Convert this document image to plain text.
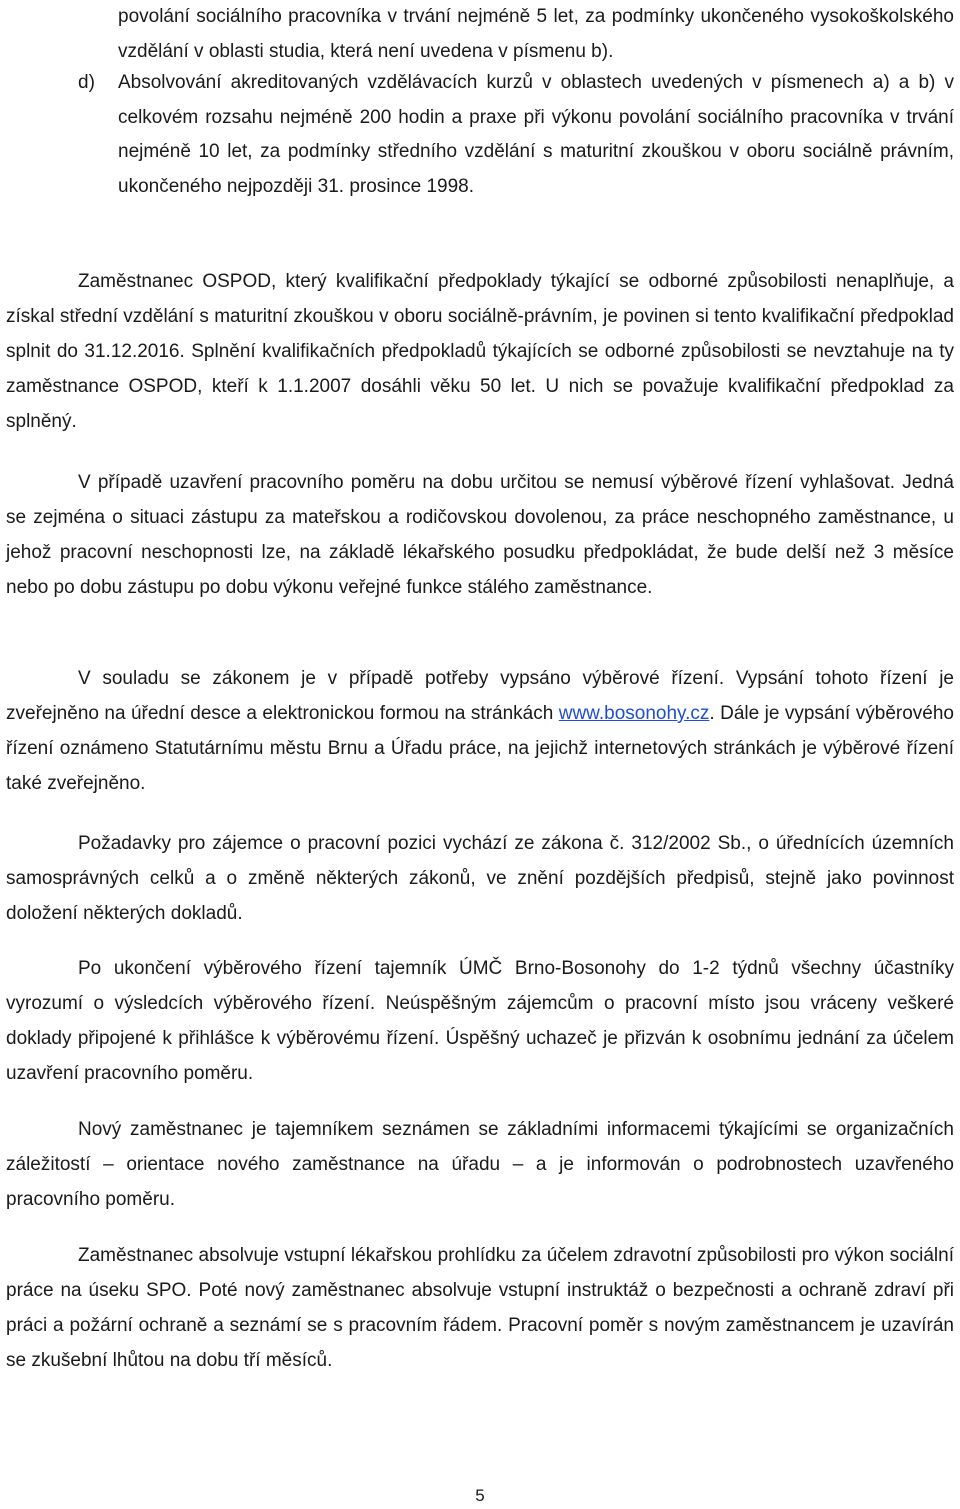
povolání sociálního pracovníka v trvání nejméně 5 let, za podmínky ukončeného vysokoškolského vzdělání v oblasti studia, která není uvedena v písmenu b).
d) Absolvování akreditovaných vzdělávacích kurzů v oblastech uvedených v písmenech a) a b) v celkovém rozsahu nejméně 200 hodin a praxe při výkonu povolání sociálního pracovníka v trvání nejméně 10 let, za podmínky středního vzdělání s maturitní zkouškou v oboru sociálně právním, ukončeného nejpozději 31. prosince 1998.

Zaměstnanec OSPOD, který kvalifikační předpoklady týkající se odborné způsobilosti nenaplňuje, a získal střední vzdělání s maturitní zkouškou v oboru sociálně-právním, je povinen si tento kvalifikační předpoklad splnit do 31.12.2016. Splnění kvalifikačních předpokladů týkajících se odborné způsobilosti se nevztahuje na ty zaměstnance OSPOD, kteří k 1.1.2007 dosáhli věku 50 let. U nich se považuje kvalifikační předpoklad za splněný.

V případě uzavření pracovního poměru na dobu určitou se nemusí výběrové řízení vyhlašovat. Jedná se zejména o situaci zástupu za mateřskou a rodičovskou dovolenou, za práce neschopného zaměstnance, u jehož pracovní neschopnosti lze, na základě lékařského posudku předpokládat, že bude delší než 3 měsíce nebo po dobu zástupu po dobu výkonu veřejné funkce stálého zaměstnance.

V souladu se zákonem je v případě potřeby vypsáno výběrové řízení. Vypsání tohoto řízení je zveřejněno na úřední desce a elektronickou formou na stránkách www.bosonohy.cz. Dále je vypsání výběrového řízení oznámeno Statutárnímu městu Brnu a Úřadu práce, na jejichž internetových stránkách je výběrové řízení také zveřejněno.

Požadavky pro zájemce o pracovní pozici vychází ze zákona č. 312/2002 Sb., o úřednících územních samosprávných celků a o změně některých zákonů, ve znění pozdějších předpisů, stejně jako povinnost doložení některých dokladů.

Po ukončení výběrového řízení tajemník ÚMČ Brno-Bosonohy do 1-2 týdnů všechny účastníky vyrozumí o výsledcích výběrového řízení. Neúspěšným zájemcům o pracovní místo jsou vráceny veškeré doklady připojené k přihlášce k výběrovému řízení. Úspěšný uchazeč je přizván k osobnímu jednání za účelem uzavření pracovního poměru.

Nový zaměstnanec je tajemníkem seznámen se základními informacemi týkajícími se organizačních záležitostí – orientace nového zaměstnance na úřadu – a je informován o podrobnostech uzavřeného pracovního poměru.

Zaměstnanec absolvuje vstupní lékařskou prohlídku za účelem zdravotní způsobilosti pro výkon sociální práce na úseku SPO. Poté nový zaměstnanec absolvuje vstupní instruktáž o bezpečnosti a ochraně zdraví při práci a požární ochraně a seznámí se s pracovním řádem. Pracovní poměr s novým zaměstnancem je uzavírán se zkušební lhůtou na dobu tří měsíců.

5
